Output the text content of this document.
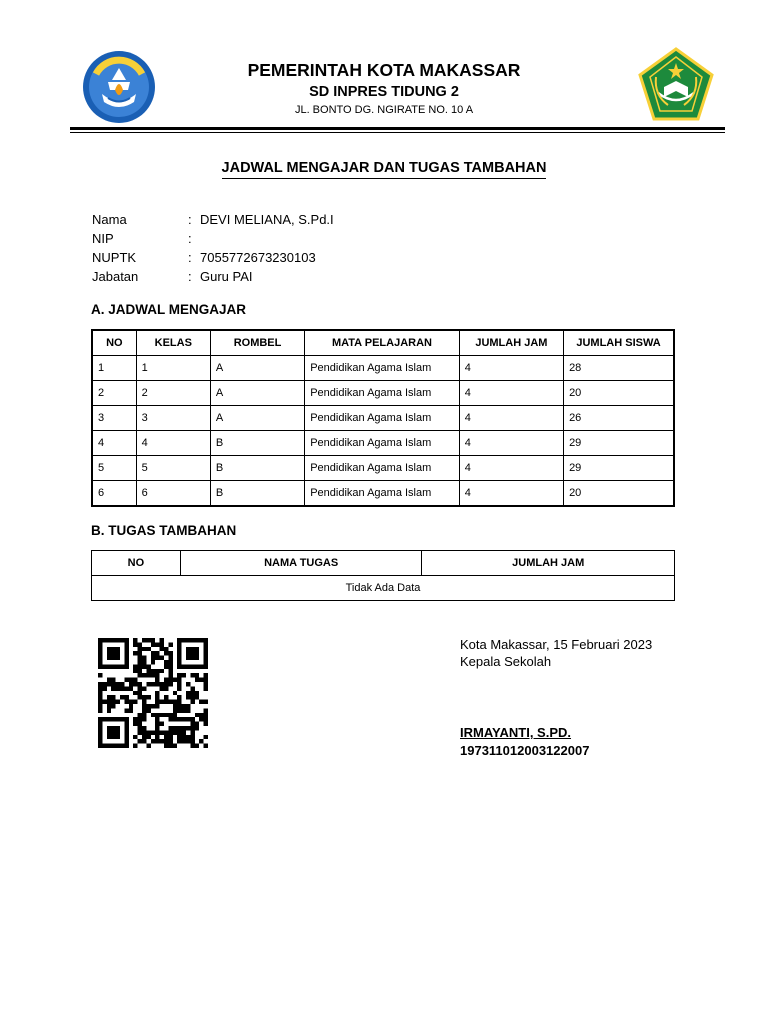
PEMERINTAH KOTA MAKASSAR
SD INPRES TIDUNG 2
JL. BONTO DG. NGIRATE NO. 10 A
JADWAL MENGAJAR DAN TUGAS TAMBAHAN
Nama	: DEVI MELIANA, S.Pd.I
NIP	:
NUPTK	: 7055772673230103
Jabatan	: Guru PAI
A. JADWAL MENGAJAR
NO	KELAS	ROMBEL	MATA PELAJARAN	JUMLAH JAM	JUMLAH SISWA
1	1	A	Pendidikan Agama Islam	4	28
2	2	A	Pendidikan Agama Islam	4	20
3	3	A	Pendidikan Agama Islam	4	26
4	4	B	Pendidikan Agama Islam	4	29
5	5	B	Pendidikan Agama Islam	4	29
6	6	B	Pendidikan Agama Islam	4	20
B. TUGAS TAMBAHAN
NO	NAMA TUGAS	JUMLAH JAM
Tidak Ada Data
Kota Makassar, 15 Februari 2023
Kepala Sekolah
IRMAYANTI, S.PD.
197311012003122007
